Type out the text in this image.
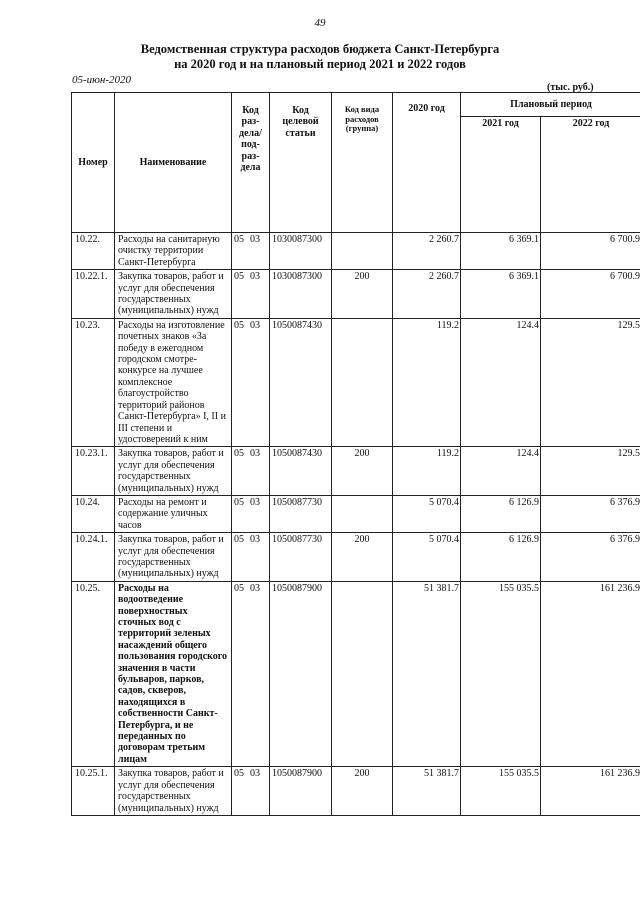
49
Ведомственная структура расходов бюджета Санкт-Петербурга
на 2020 год и на плановый период 2021 и 2022 годов
05-июн-2020
(тыс. руб.)
Номер	Наименование	Код раз-дела/ под-раз-дела	Код целевой статьи	Код вида расходов (группа)	2020 год	Плановый период	
						2021 год	2022 год
10.22.	Расходы на санитарную очистку территории Санкт-Петербурга	05 03	1030087300		2 260.7	6 369.1	6 700.9
10.22.1.	Закупка товаров, работ и услуг для обеспечения государственных (муниципальных) нужд	05 03	1030087300	200	2 260.7	6 369.1	6 700.9
10.23.	Расходы на изготовление почетных знаков «За победу в ежегодном городском смотре-конкурсе на лучшее комплексное благоустройство территорий районов Санкт-Петербурга» I, II и III степени и удостоверений к ним	05 03	1050087430		119.2	124.4	129.5
10.23.1.	Закупка товаров, работ и услуг для обеспечения государственных (муниципальных) нужд	05 03	1050087430	200	119.2	124.4	129.5
10.24.	Расходы на ремонт и содержание уличных часов	05 03	1050087730		5 070.4	6 126.9	6 376.9
10.24.1.	Закупка товаров, работ и услуг для обеспечения государственных (муниципальных) нужд	05 03	1050087730	200	5 070.4	6 126.9	6 376.9
10.25.	Расходы на водоотведение поверхностных сточных вод с территорий зеленых насаждений общего пользования городского значения в части бульваров, парков, садов, скверов, находящихся в собственности Санкт-Петербурга, и не переданных по договорам третьим лицам	05 03	1050087900		51 381.7	155 035.5	161 236.9
10.25.1.	Закупка товаров, работ и услуг для обеспечения государственных (муниципальных) нужд	05 03	1050087900	200	51 381.7	155 035.5	161 236.9
